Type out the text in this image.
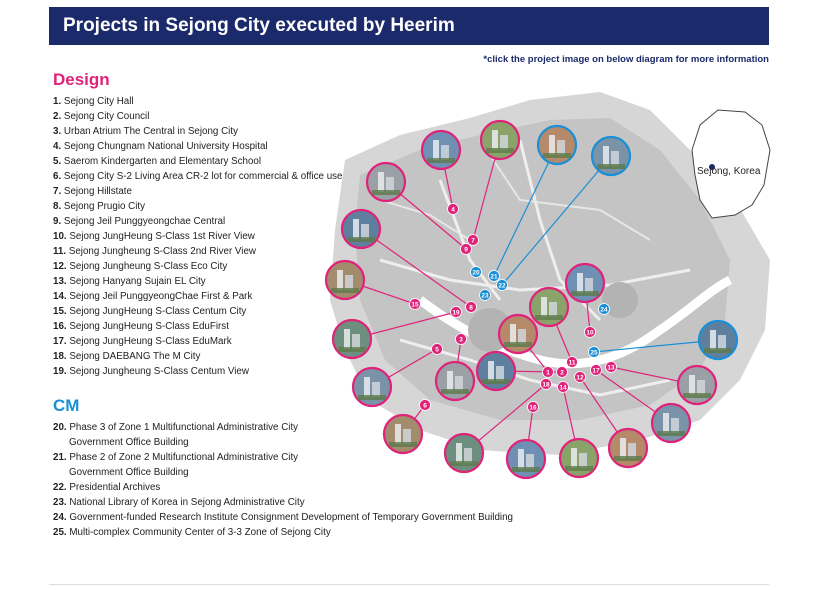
Projects in Sejong City executed by Heerim
*click the project image on below diagram for more information
Design
1. Sejong City Hall
2. Sejong City Council
3. Urban Atrium The Central in Sejong City
4. Sejong Chungnam National University Hospital
5. Saerom Kindergarten and Elementary School
6. Sejong City S-2 Living Area CR-2 lot for commercial & office use
7. Sejong Hillstate
8. Sejong Prugio City
9. Sejong Jeil Punggyeongchae Central
10. Sejong JungHeung S-Class 1st River View
11. Sejong Jungheung S-Class 2nd River View
12. Sejong Jungheung S-Class Eco City
13. Sejong Hanyang Sujain EL City
14. Sejong Jeil PunggyeongChae First & Park
15. Sejong JungHeung S-Class Centum City
16. Sejong JungHeung S-Class EduFirst
17. Sejong JungHeung S-Class EduMark
18. Sejong DAEBANG The M City
19. Sejong Jungheung S-Class Centum View
CM
20. Phase 3 of Zone 1 Multifunctional Administrative City
Government Office Building
21. Phase 2 of Zone 2 Multifunctional Administrative City
Government Office Building
22. Presidential Archives
23. National Library of Korea in Sejong Administrative City
24. Government-funded Research Institute Consignment Development of Temporary Government Building
25. Multi-complex Community Center of 3-3 Zone of Sejong City
Sejong, Korea
1 2
3
4
5
6
7
8
9
10
11
12
13
14
15
16
17
18
19
20
21
22
23
24
25
